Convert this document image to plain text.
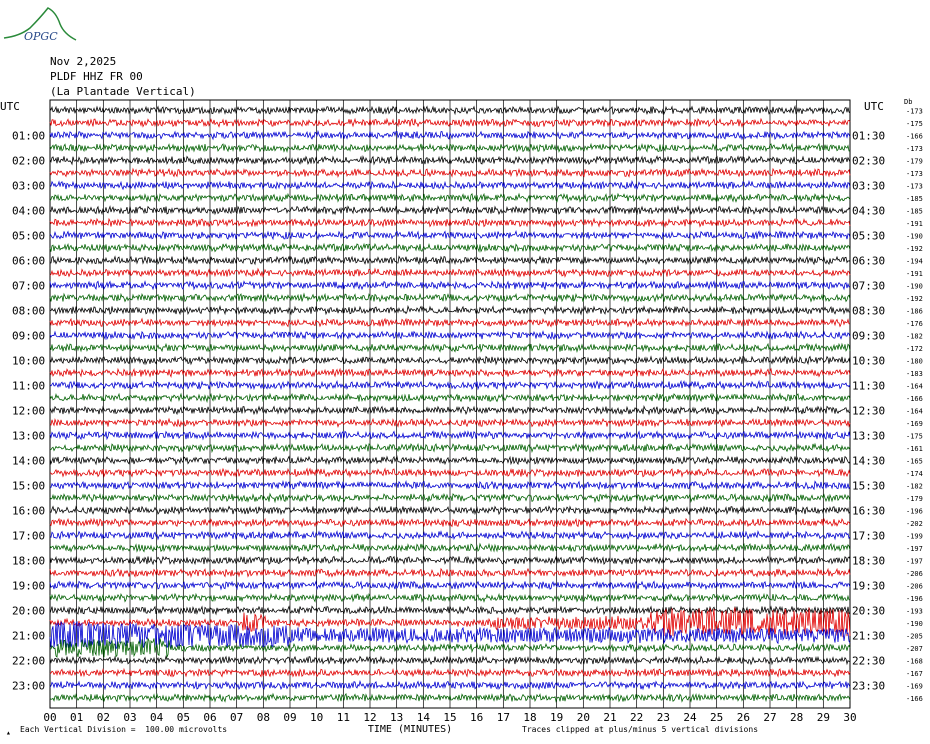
OPGC
Nov 2,2025
PLDF HHZ FR 00
(La Plantade Vertical)
00 01 02 03 04 05 06 07 08 09 10 11 12 13 14 15 16 17 18 19 20 21 22 23 24 25 26 27 28 29 30
TIME (MINUTES)
UTC	UTC	Db
-173
-175
-166
-173
-179
-173
-173
-185
-185
-191
-190
-192
-194
-191
-190
-192
-186
-176
-182
-172
-180
-183
-164
-166
-164
-169
-175
-161
-165
-174
-182
-179
-196
-202
-199
-197
-197
-206
-206
-196
-193
-190
-205
-207
-168
-167
-169
-166
01:00
02:00
03:00
04:00
05:00
06:00
07:00
08:00
09:00
10:00
11:00
12:00
13:00
14:00
15:00
16:00
17:00
18:00
19:00
20:00
21:00
22:00
23:00
01:30
02:30
03:30
04:30
05:30
06:30
07:30
08:30
09:30
10:30
11:30
12:30
13:30
14:30
15:30
16:30
17:30
18:30
19:30
20:30
21:30
22:30
23:30
▴ Each Vertical Division =  100.00 microvolts	Traces clipped at plus/minus 5 vertical divisions
